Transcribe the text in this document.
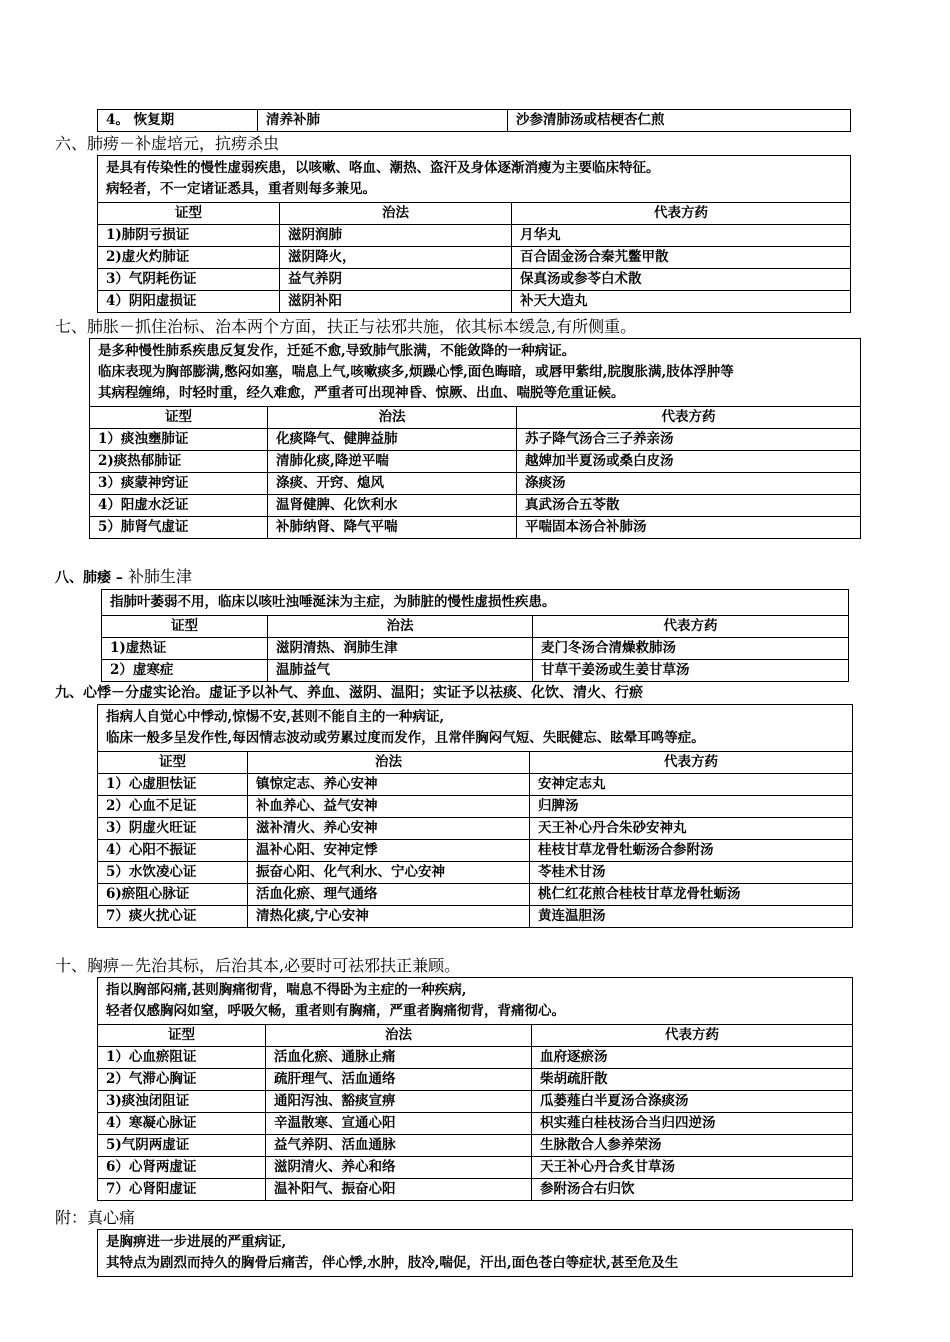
4。 恢复期	清养补肺	沙参清肺汤或桔梗杏仁煎
六、肺痨－补虚培元，抗痨杀虫
是具有传染性的慢性虚弱疾患，以咳嗽、咯血、潮热、盗汗及身体逐渐消瘦为主要临床特征。
病轻者，不一定诸证悉具，重者则每多兼见。
证型	治法	代表方药
1)肺阴亏损证	滋阴润肺	月华丸
2)虚火灼肺证	滋阴降火，	百合固金汤合秦艽鳖甲散
3）气阴耗伤证	益气养阴	保真汤或参苓白术散
4）阴阳虚损证	滋阴补阳	补天大造丸
七、肺胀－抓住治标、治本两个方面，扶正与祛邪共施，依其标本缓急,有所侧重。
是多种慢性肺系疾患反复发作，迁延不愈,导致肺气胀满，不能敛降的一种病证。
临床表现为胸部膨满,憋闷如塞，喘息上气,咳嗽痰多,烦躁心悸,面色晦暗，或唇甲紫绀,脘腹胀满,肢体浮肿等
其病程缠绵，时轻时重，经久难愈，严重者可出现神昏、惊厥、出血、喘脱等危重证候。
证型	治法	代表方药
1）痰浊壅肺证	化痰降气、健脾益肺	苏子降气汤合三子养亲汤
2)痰热郁肺证	清肺化痰,降逆平喘	越婢加半夏汤或桑白皮汤
3）痰蒙神窍证	涤痰、开窍、熄风	涤痰汤
4）阳虚水泛证	温肾健脾、化饮利水	真武汤合五苓散
5）肺肾气虚证	补肺纳肾、降气平喘	平喘固本汤合补肺汤
八、肺痿 – 补肺生津
指肺叶萎弱不用，临床以咳吐浊唾涎沫为主症，为肺脏的慢性虚损性疾患。
证型	治法	代表方药
1)虚热证	滋阴清热、润肺生津	麦门冬汤合清燥救肺汤
2）虚寒症	温肺益气	甘草干姜汤或生姜甘草汤
九、心悸－分虚实论治。虚证予以补气、养血、滋阴、温阳；实证予以祛痰、化饮、清火、行瘀
指病人自觉心中悸动,惊惕不安,甚则不能自主的一种病证,
临床一般多呈发作性,每因情志波动或劳累过度而发作，且常伴胸闷气短、失眠健忘、眩晕耳鸣等症。
证型	治法	代表方药
1）心虚胆怯证	镇惊定志、养心安神	安神定志丸
2）心血不足证	补血养心、益气安神	归脾汤
3）阴虚火旺证	滋补清火、养心安神	天王补心丹合朱砂安神丸
4）心阳不振证	温补心阳、安神定悸	桂枝甘草龙骨牡蛎汤合参附汤
5）水饮凌心证	振奋心阳、化气利水、宁心安神	苓桂术甘汤
6)瘀阻心脉证	活血化瘀、理气通络	桃仁红花煎合桂枝甘草龙骨牡蛎汤
7）痰火扰心证	清热化痰,宁心安神	黄连温胆汤
十、胸痹－先治其标，后治其本,必要时可祛邪扶正兼顾。
指以胸部闷痛,甚则胸痛彻背，喘息不得卧为主症的一种疾病,
轻者仅感胸闷如窒，呼吸欠畅，重者则有胸痛，严重者胸痛彻背，背痛彻心。
证型	治法	代表方药
1）心血瘀阻证	活血化瘀、通脉止痛	血府逐瘀汤
2）气滞心胸证	疏肝理气、活血通络	柴胡疏肝散
3)痰浊闭阻证	通阳泻浊、豁痰宣痹	瓜蒌薤白半夏汤合涤痰汤
4）寒凝心脉证	辛温散寒、宣通心阳	枳实薤白桂枝汤合当归四逆汤
5)气阴两虚证	益气养阴、活血通脉	生脉散合人参养荣汤
6）心肾两虚证	滋阴清火、养心和络	天王补心丹合炙甘草汤
7）心肾阳虚证	温补阳气、振奋心阳	参附汤合右归饮
附：真心痛
是胸痹进一步进展的严重病证,
其特点为剧烈而持久的胸骨后痛苦，伴心悸,水肿，肢冷,喘促，汗出,面色苍白等症状,甚至危及生
